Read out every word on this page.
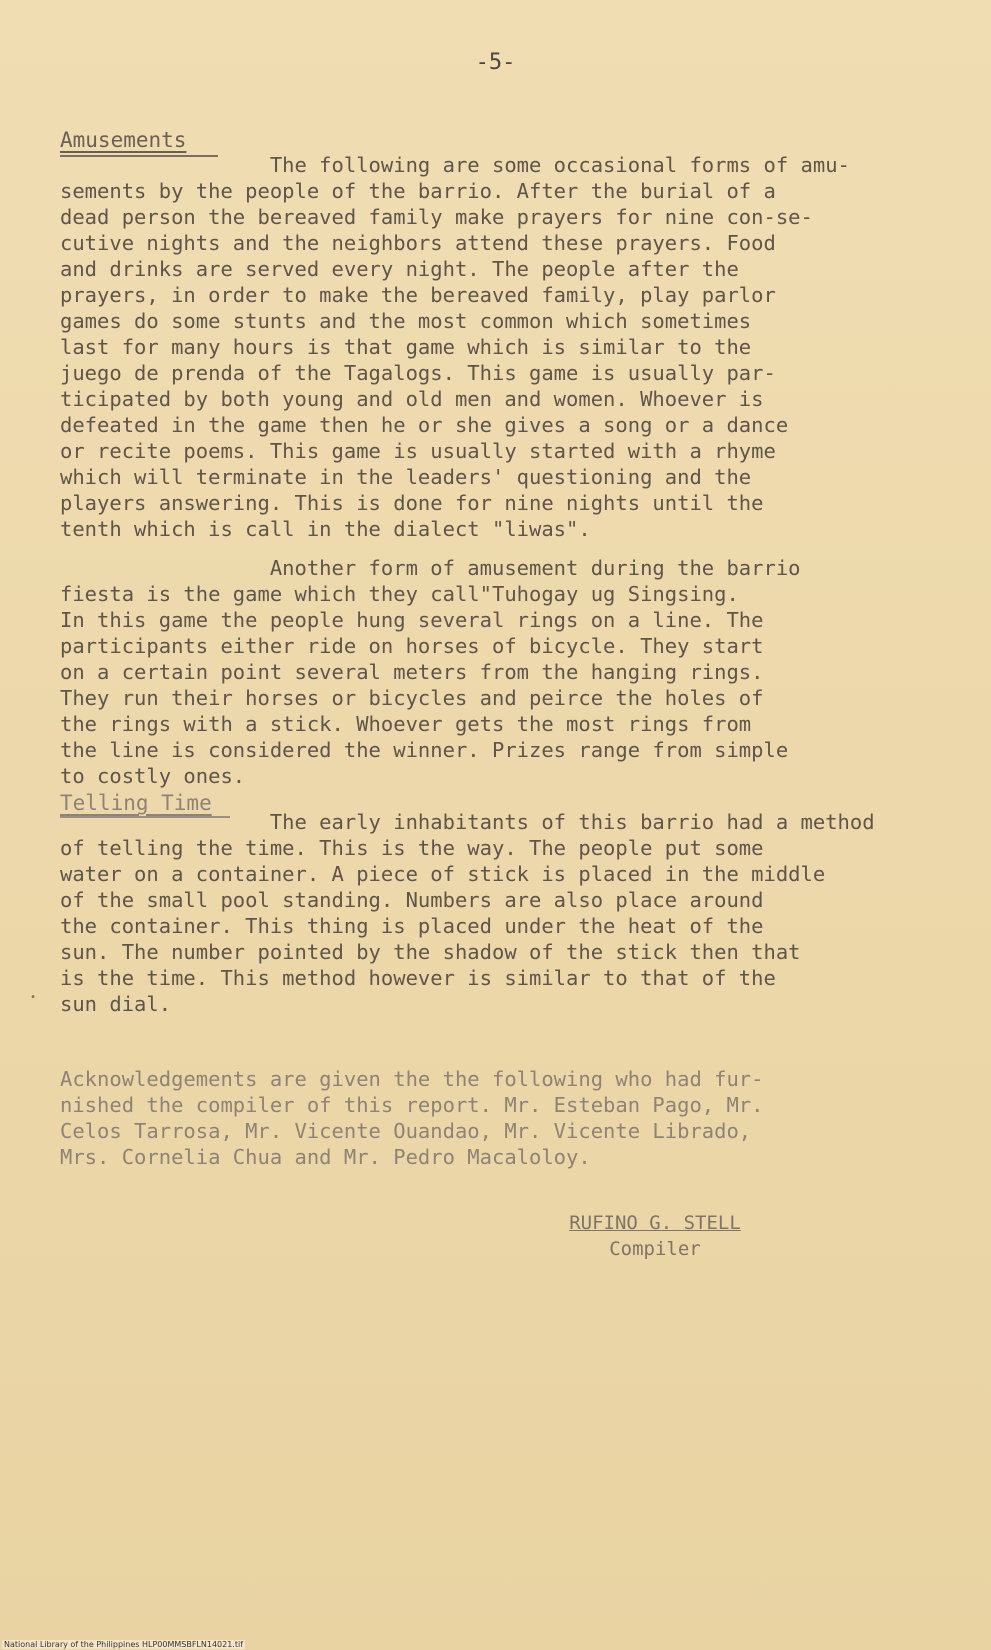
-5-
Amusements
The following are some occasional forms of amu-
sements by the people of the barrio. After the burial of a
dead person the bereaved family make prayers for nine con-se-
cutive nights and the neighbors attend these prayers. Food
and drinks are served every night. The people after the
prayers, in order to make the bereaved family, play parlor
games do some stunts and the most common which sometimes
last for many hours is that game which is similar to the
juego de prenda of the Tagalogs. This game is usually par-
ticipated by both young and old men and women. Whoever is
defeated in the game then he or she gives a song or a dance
or recite poems. This game is usually started with a rhyme
which will terminate in the leaders' questioning and the
players answering. This is done for nine nights until the
tenth which is call in the dialect "liwas".
Another form of amusement during the barrio
fiesta is the game which they call"Tuhogay ug Singsing.
In this game the people hung several rings on a line. The
participants either ride on horses of bicycle. They start
on a certain point several meters from the hanging rings.
They run their horses or bicycles and peirce the holes of
the rings with a stick. Whoever gets the most rings from
the line is considered the winner. Prizes range from simple
to costly ones.
Telling Time
The early inhabitants of this barrio had a method
of telling the time. This is the way. The people put some
water on a container. A piece of stick is placed in the middle
of the small pool standing. Numbers are also place around
the container. This thing is placed under the heat of the
sun. The number pointed by the shadow of the stick then that
is the time. This method however is similar to that of the
sun dial.
•
Acknowledgements are given the the following who had fur-
nished the compiler of this report. Mr. Esteban Pago, Mr.
Celos Tarrosa, Mr. Vicente Ouandao, Mr. Vicente Librado,
Mrs. Cornelia Chua and Mr. Pedro Macaloloy.
RUFINO G. STELL
Compiler
National Library of the Philippines HLP00MMSBFLN14021.tif
